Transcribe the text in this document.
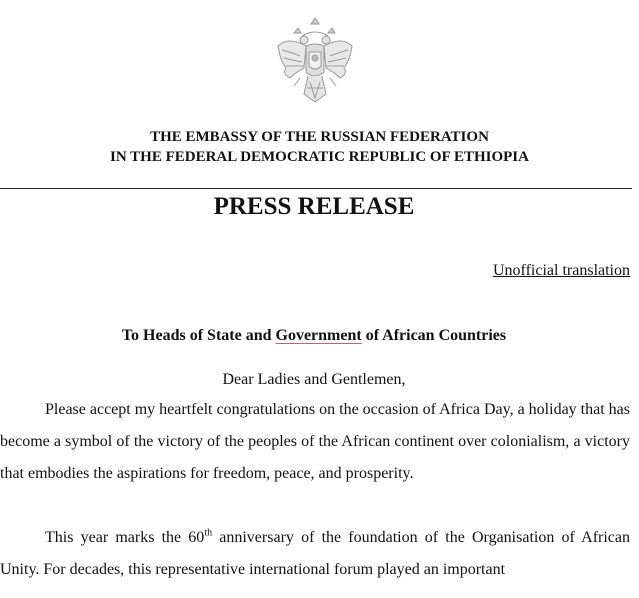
THE EMBASSY OF THE RUSSIAN FEDERATION
IN THE FEDERAL DEMOCRATIC REPUBLIC OF ETHIOPIA
PRESS RELEASE
Unofficial translation
To Heads of State and Government of African Countries
Dear Ladies and Gentlemen,
Please accept my heartfelt congratulations on the occasion of Africa Day, a holiday that has become a symbol of the victory of the peoples of the African continent over colonialism, a victory that embodies the aspirations for freedom, peace, and prosperity.
This year marks the 60th anniversary of the foundation of the Organisation of African Unity. For decades, this representative international forum played an important
